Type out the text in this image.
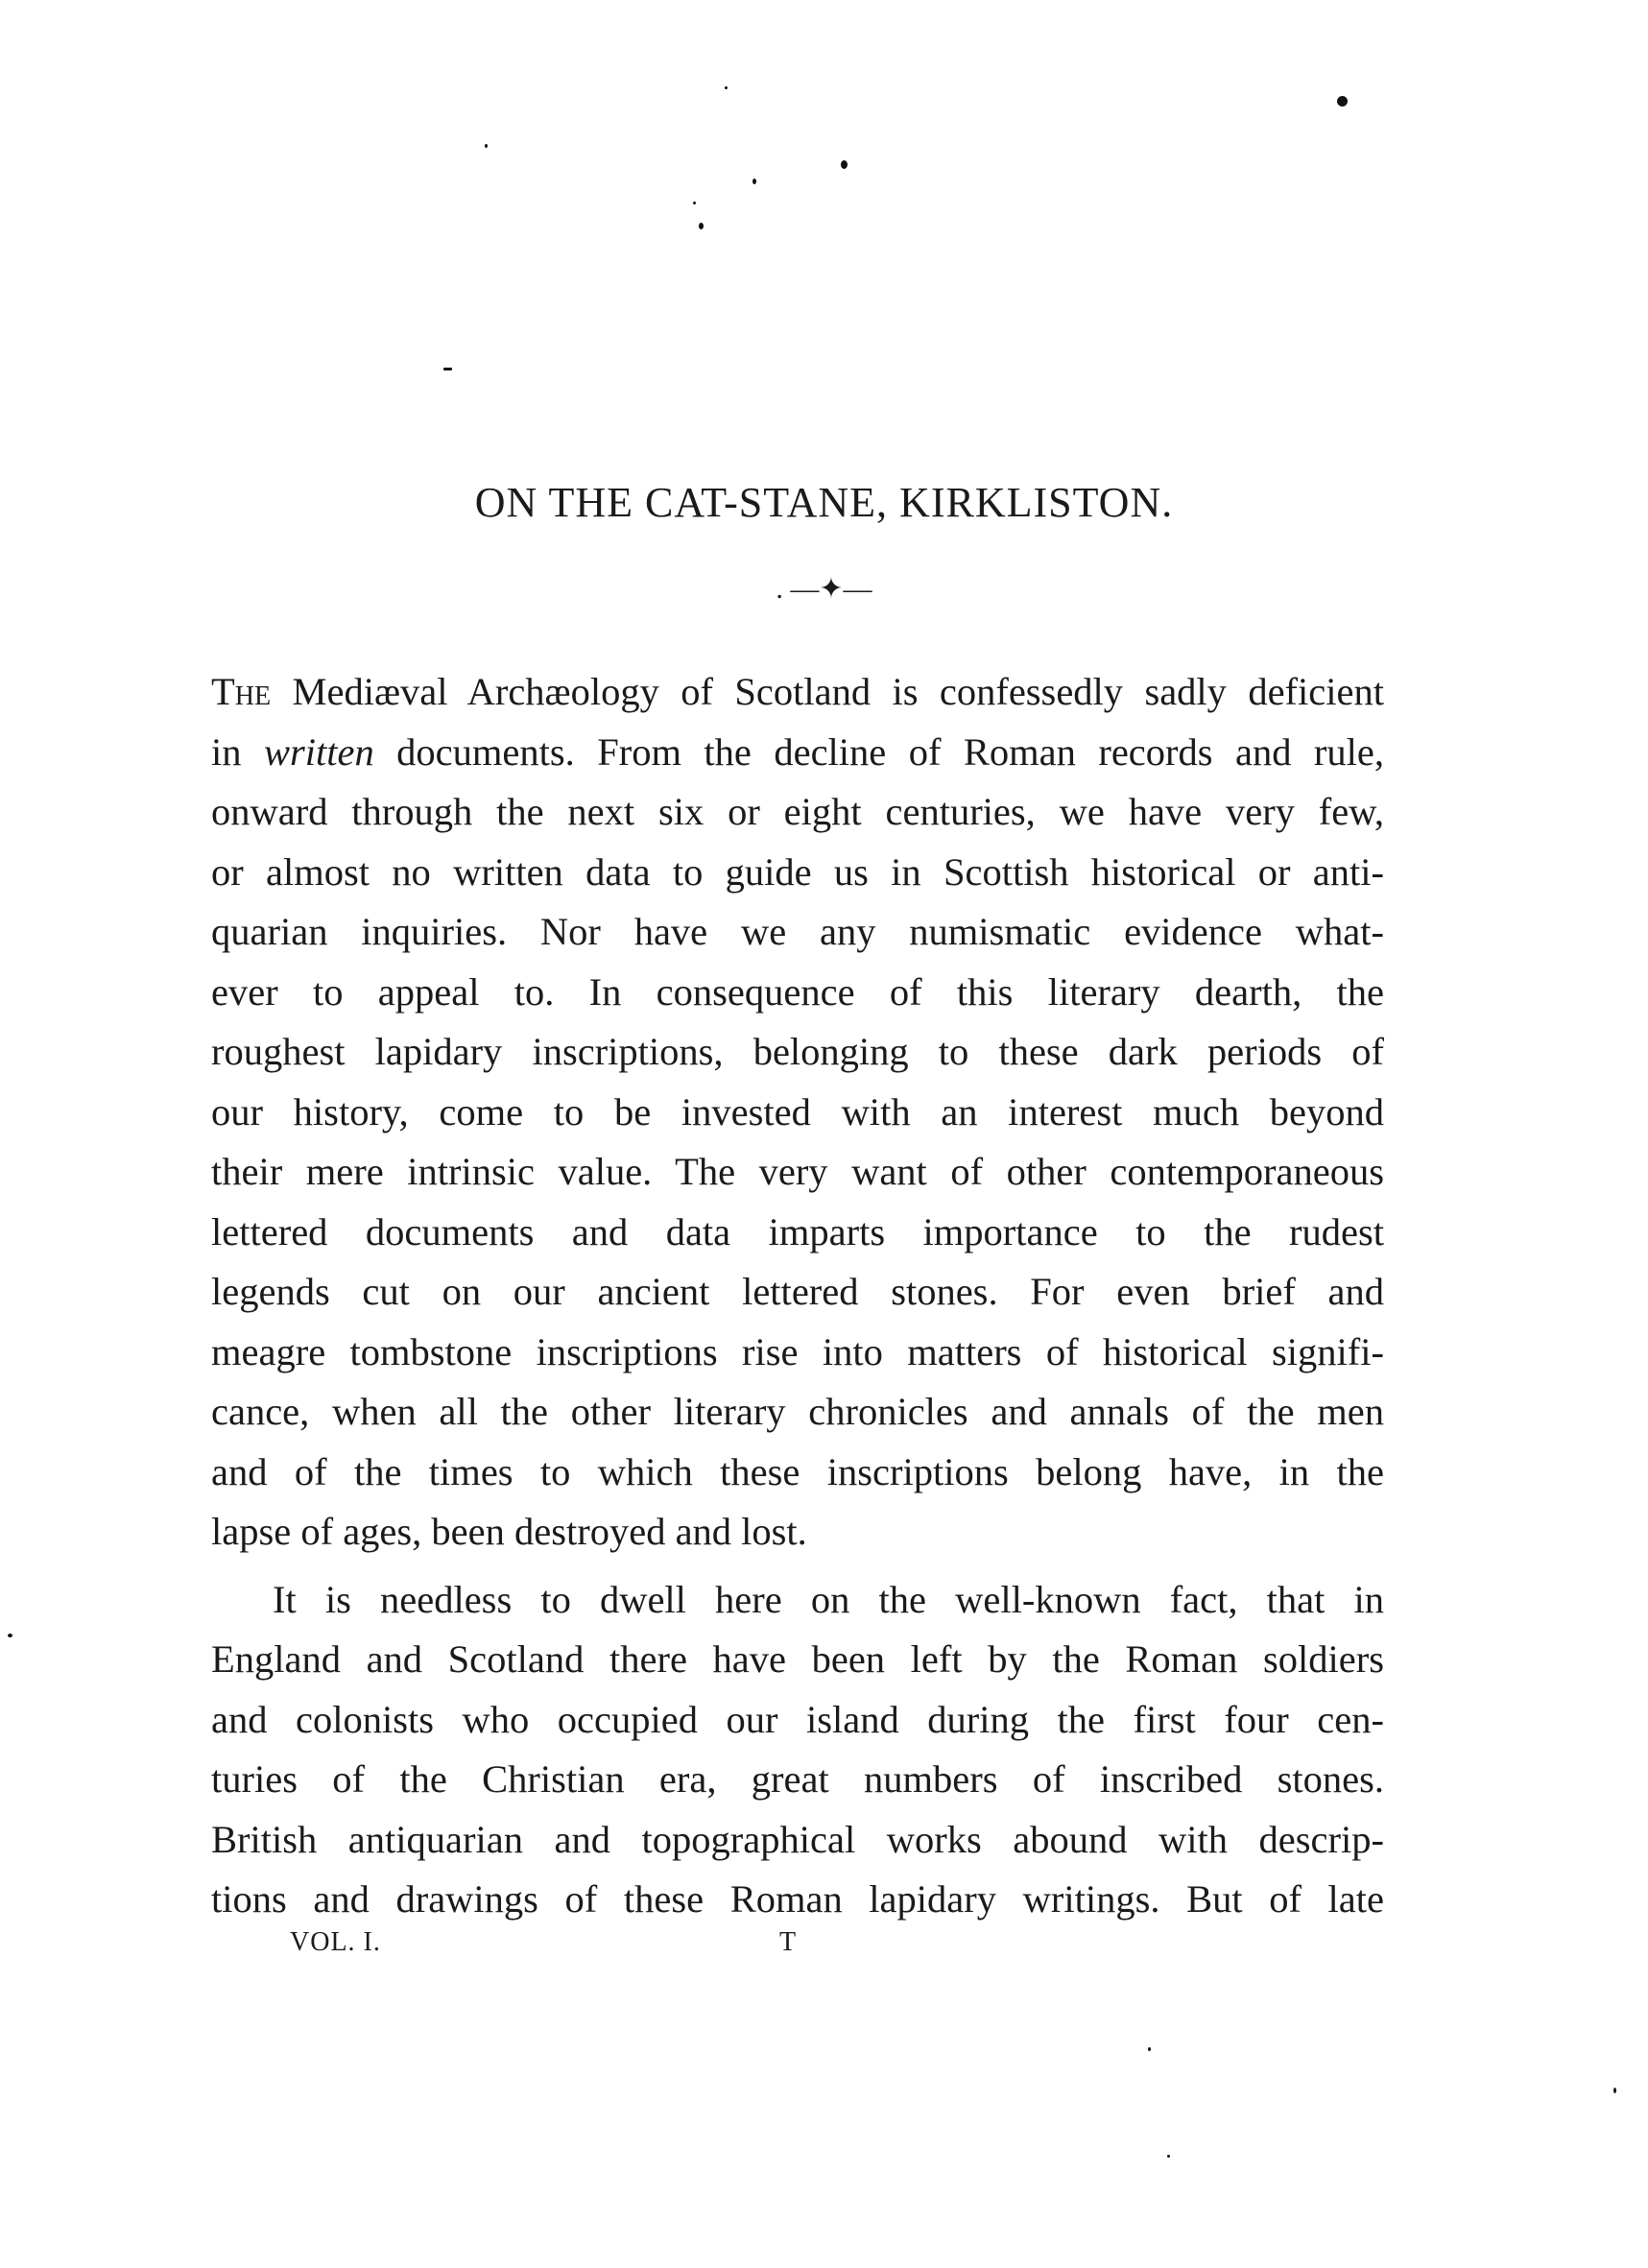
ON THE CAT-STANE, KIRKLISTON.
. —✦—
The Mediæval Archæology of Scotland is confessedly sadly deficient
in written documents. From the decline of Roman records and rule,
onward through the next six or eight centuries, we have very few,
or almost no written data to guide us in Scottish historical or anti-
quarian inquiries. Nor have we any numismatic evidence what-
ever to appeal to. In consequence of this literary dearth, the
roughest lapidary inscriptions, belonging to these dark periods of
our history, come to be invested with an interest much beyond
their mere intrinsic value. The very want of other contemporaneous
lettered documents and data imparts importance to the rudest
legends cut on our ancient lettered stones. For even brief and
meagre tombstone inscriptions rise into matters of historical signifi-
cance, when all the other literary chronicles and annals of the men
and of the times to which these inscriptions belong have, in the
lapse of ages, been destroyed and lost.
It is needless to dwell here on the well-known fact, that in
England and Scotland there have been left by the Roman soldiers
and colonists who occupied our island during the first four cen-
turies of the Christian era, great numbers of inscribed stones.
British antiquarian and topographical works abound with descrip-
tions and drawings of these Roman lapidary writings. But of late
VOL. I.	T
